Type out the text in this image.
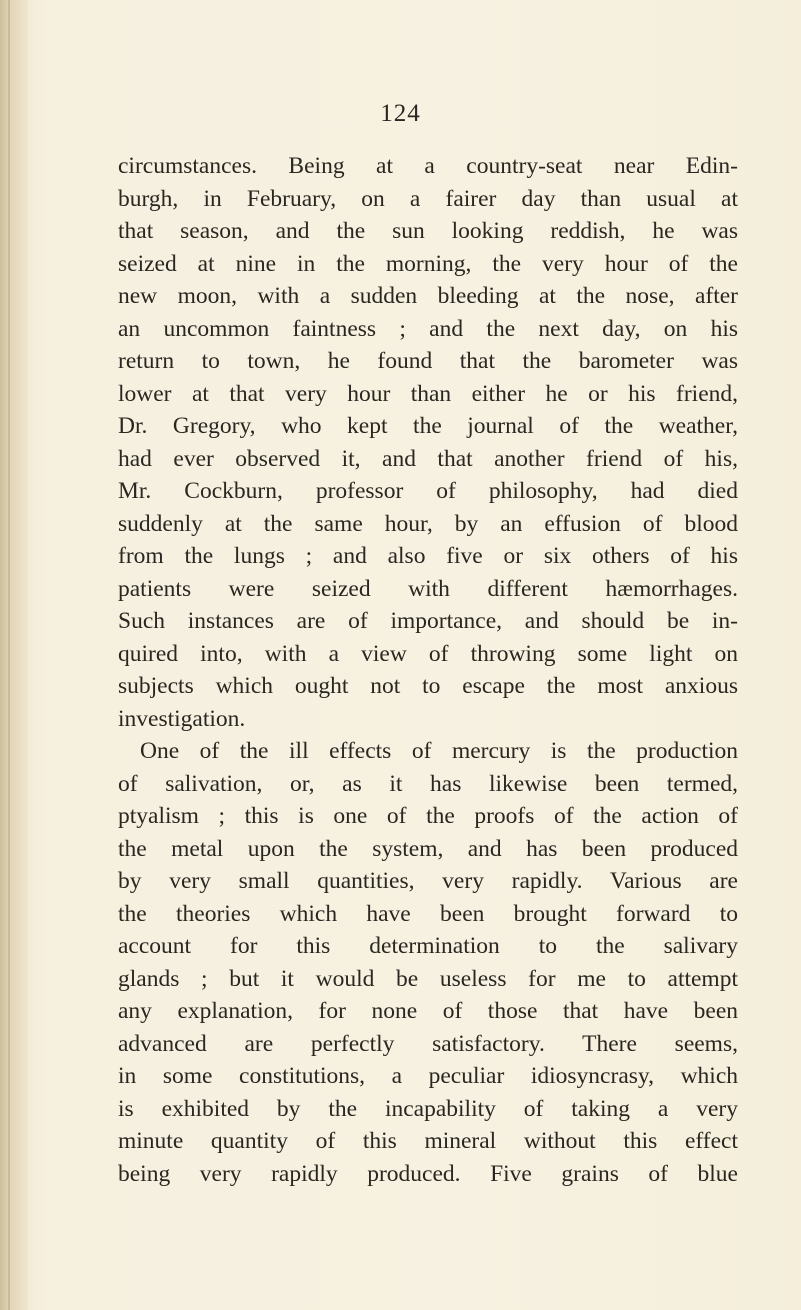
124
circumstances. Being at a country-seat near Edin-
burgh, in February, on a fairer day than usual at
that season, and the sun looking reddish, he was
seized at nine in the morning, the very hour of the
new moon, with a sudden bleeding at the nose, after
an uncommon faintness ; and the next day, on his
return to town, he found that the barometer was
lower at that very hour than either he or his friend,
Dr. Gregory, who kept the journal of the weather,
had ever observed it, and that another friend of his,
Mr. Cockburn, professor of philosophy, had died
suddenly at the same hour, by an effusion of blood
from the lungs ; and also five or six others of his
patients were seized with different hæmorrhages.
Such instances are of importance, and should be in-
quired into, with a view of throwing some light on
subjects which ought not to escape the most anxious
investigation.
One of the ill effects of mercury is the production
of salivation, or, as it has likewise been termed,
ptyalism ; this is one of the proofs of the action of
the metal upon the system, and has been produced
by very small quantities, very rapidly. Various are
the theories which have been brought forward to
account for this determination to the salivary
glands ; but it would be useless for me to attempt
any explanation, for none of those that have been
advanced are perfectly satisfactory. There seems,
in some constitutions, a peculiar idiosyncrasy, which
is exhibited by the incapability of taking a very
minute quantity of this mineral without this effect
being very rapidly produced. Five grains of blue
